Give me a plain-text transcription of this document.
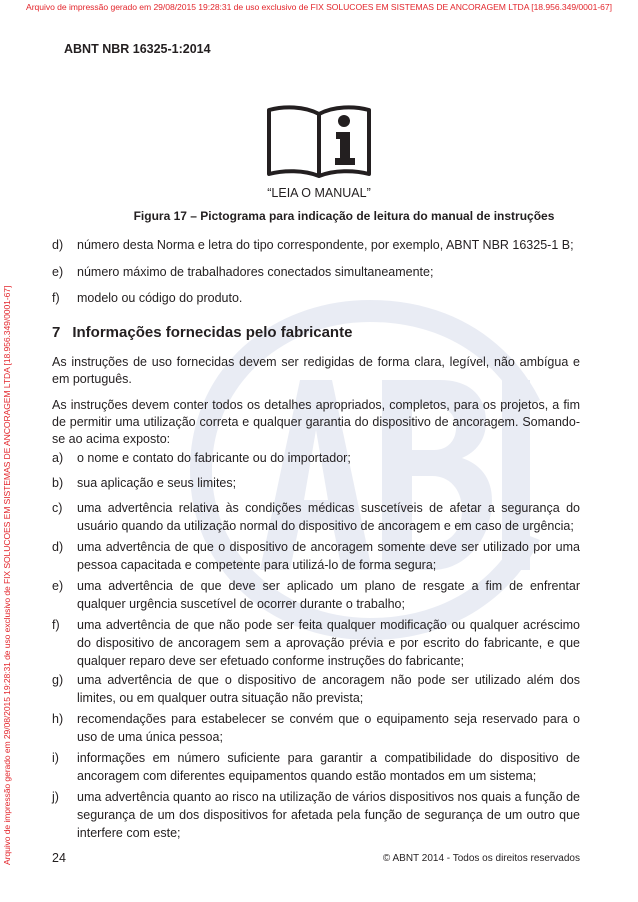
Arquivo de impressão gerado em 29/08/2015 19:28:31 de uso exclusivo de FIX SOLUCOES EM SISTEMAS DE ANCORAGEM LTDA [18.956.349/0001-67]
Arquivo de impressão gerado em 29/08/2015 19:28:31 de uso exclusivo de FIX SOLUCOES EM SISTEMAS DE ANCORAGEM LTDA [18.956.349/0001-67]
ABNT NBR 16325-1:2014
“LEIA O MANUAL”
Figura 17 – Pictograma para indicação de leitura do manual de instruções
d) número desta Norma e letra do tipo correspondente, por exemplo, ABNT NBR 16325-1 B;
e) número máximo de trabalhadores conectados simultaneamente;
f) modelo ou código do produto.
7 Informações fornecidas pelo fabricante
As instruções de uso fornecidas devem ser redigidas de forma clara, legível, não ambígua e em português.
As instruções devem conter todos os detalhes apropriados, completos, para os projetos, a fim de permitir uma utilização correta e qualquer garantia do dispositivo de ancoragem. Somando-se ao acima exposto:
a) o nome e contato do fabricante ou do importador;
b) sua aplicação e seus limites;
c) uma advertência relativa às condições médicas suscetíveis de afetar a segurança do usuário quando da utilização normal do dispositivo de ancoragem e em caso de urgência;
d) uma advertência de que o dispositivo de ancoragem somente deve ser utilizado por uma pessoa capacitada e competente para utilizá-lo de forma segura;
e) uma advertência de que deve ser aplicado um plano de resgate a fim de enfrentar qualquer urgência suscetível de ocorrer durante o trabalho;
f) uma advertência de que não pode ser feita qualquer modificação ou qualquer acréscimo do dispositivo de ancoragem sem a aprovação prévia e por escrito do fabricante, e que qualquer reparo deve ser efetuado conforme instruções do fabricante;
g) uma advertência de que o dispositivo de ancoragem não pode ser utilizado além dos limites, ou em qualquer outra situação não prevista;
h) recomendações para estabelecer se convém que o equipamento seja reservado para o uso de uma única pessoa;
i) informações em número suficiente para garantir a compatibilidade do dispositivo de ancoragem com diferentes equipamentos quando estão montados em um sistema;
j) uma advertência quanto ao risco na utilização de vários dispositivos nos quais a função de segurança de um dos dispositivos for afetada pela função de segurança de um outro que interfere com este;
24	© ABNT 2014 - Todos os direitos reservados
